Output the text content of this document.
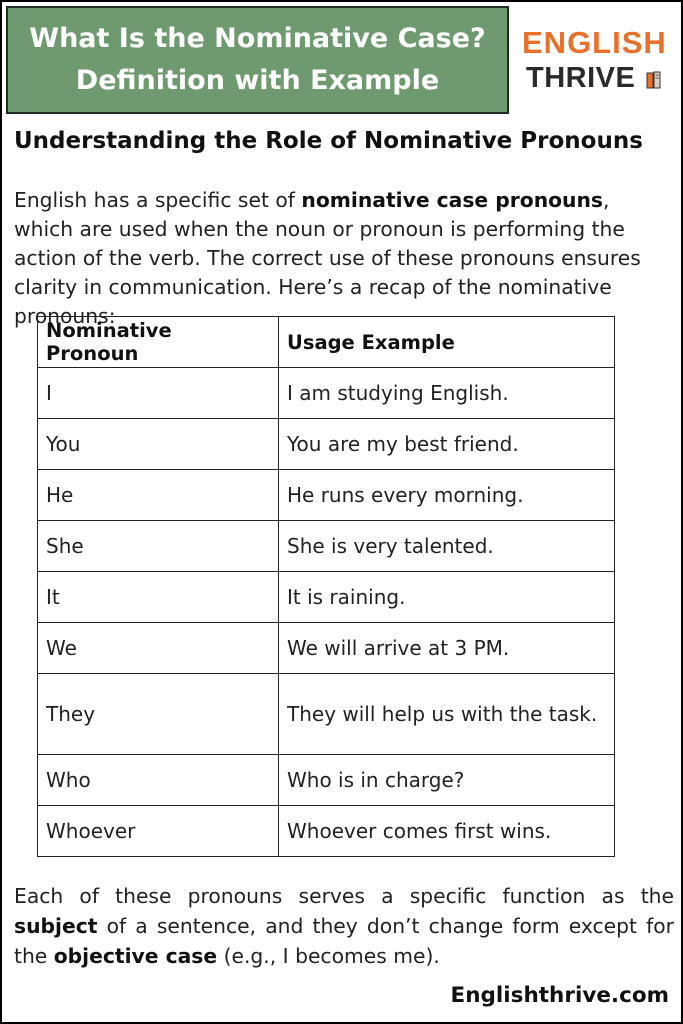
What Is the Nominative Case?
Definition with Example
ENGLISH
THRIVE
Understanding the Role of Nominative Pronouns
English has a specific set of nominative case pronouns, which are used when the noun or pronoun is performing the action of the verb. The correct use of these pronouns ensures clarity in communication. Here’s a recap of the nominative pronouns:
Nominative Pronoun	Usage Example
I	I am studying English.
You	You are my best friend.
He	He runs every morning.
She	She is very talented.
It	It is raining.
We	We will arrive at 3 PM.
They	They will help us with the task.
Who	Who is in charge?
Whoever	Whoever comes first wins.
Each of these pronouns serves a specific function as the subject of a sentence, and they don’t change form except for the objective case (e.g., I becomes me).
Englishthrive.com
